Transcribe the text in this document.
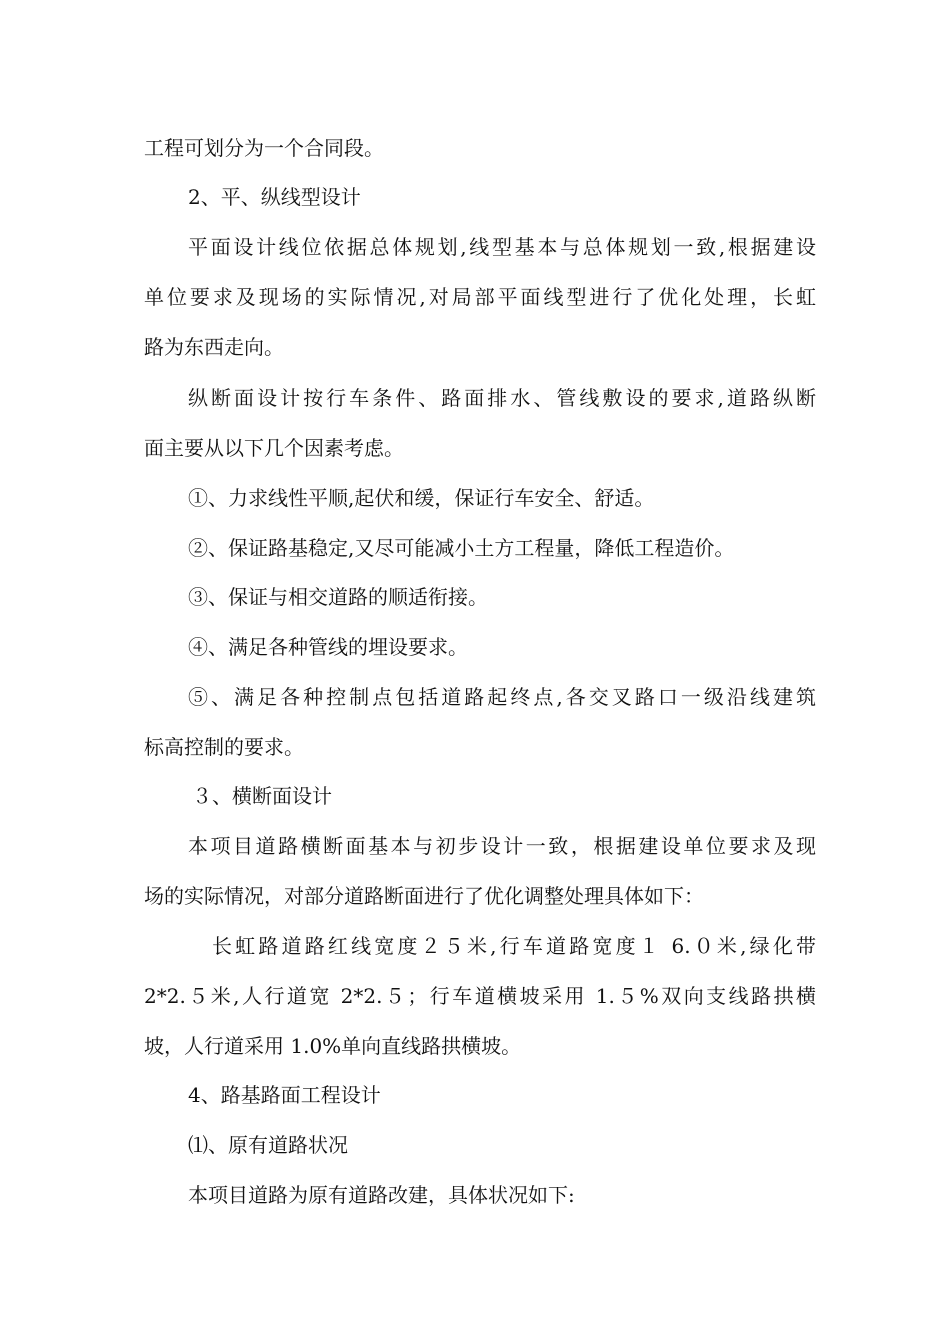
工程可划分为一个合同段。

2、平、纵线型设计

平面设计线位依据总体规划,线型基本与总体规划一致,根据建设

单位要求及现场的实际情况,对局部平面线型进行了优化处理，长虹

路为东西走向。

纵断面设计按行车条件、路面排水、管线敷设的要求,道路纵断

面主要从以下几个因素考虑。

①、力求线性平顺,起伏和缓，保证行车安全、舒适。

②、保证路基稳定,又尽可能减小土方工程量，降低工程造价。

③、保证与相交道路的顺适衔接。

④、满足各种管线的埋设要求。

⑤、满足各种控制点包括道路起终点,各交叉路口一级沿线建筑

标高控制的要求。

３、横断面设计

本项目道路横断面基本与初步设计一致，根据建设单位要求及现

场的实际情况，对部分道路断面进行了优化调整处理具体如下：

长虹路道路红线宽度２５米,行车道路宽度１ 6.０米,绿化带

2*2.５米,人行道宽 2*2.５；行车道横坡采用 1.５%双向支线路拱横

坡，人行道采用 1.0%单向直线路拱横坡。

4、路基路面工程设计

⑴、原有道路状况

本项目道路为原有道路改建，具体状况如下:
